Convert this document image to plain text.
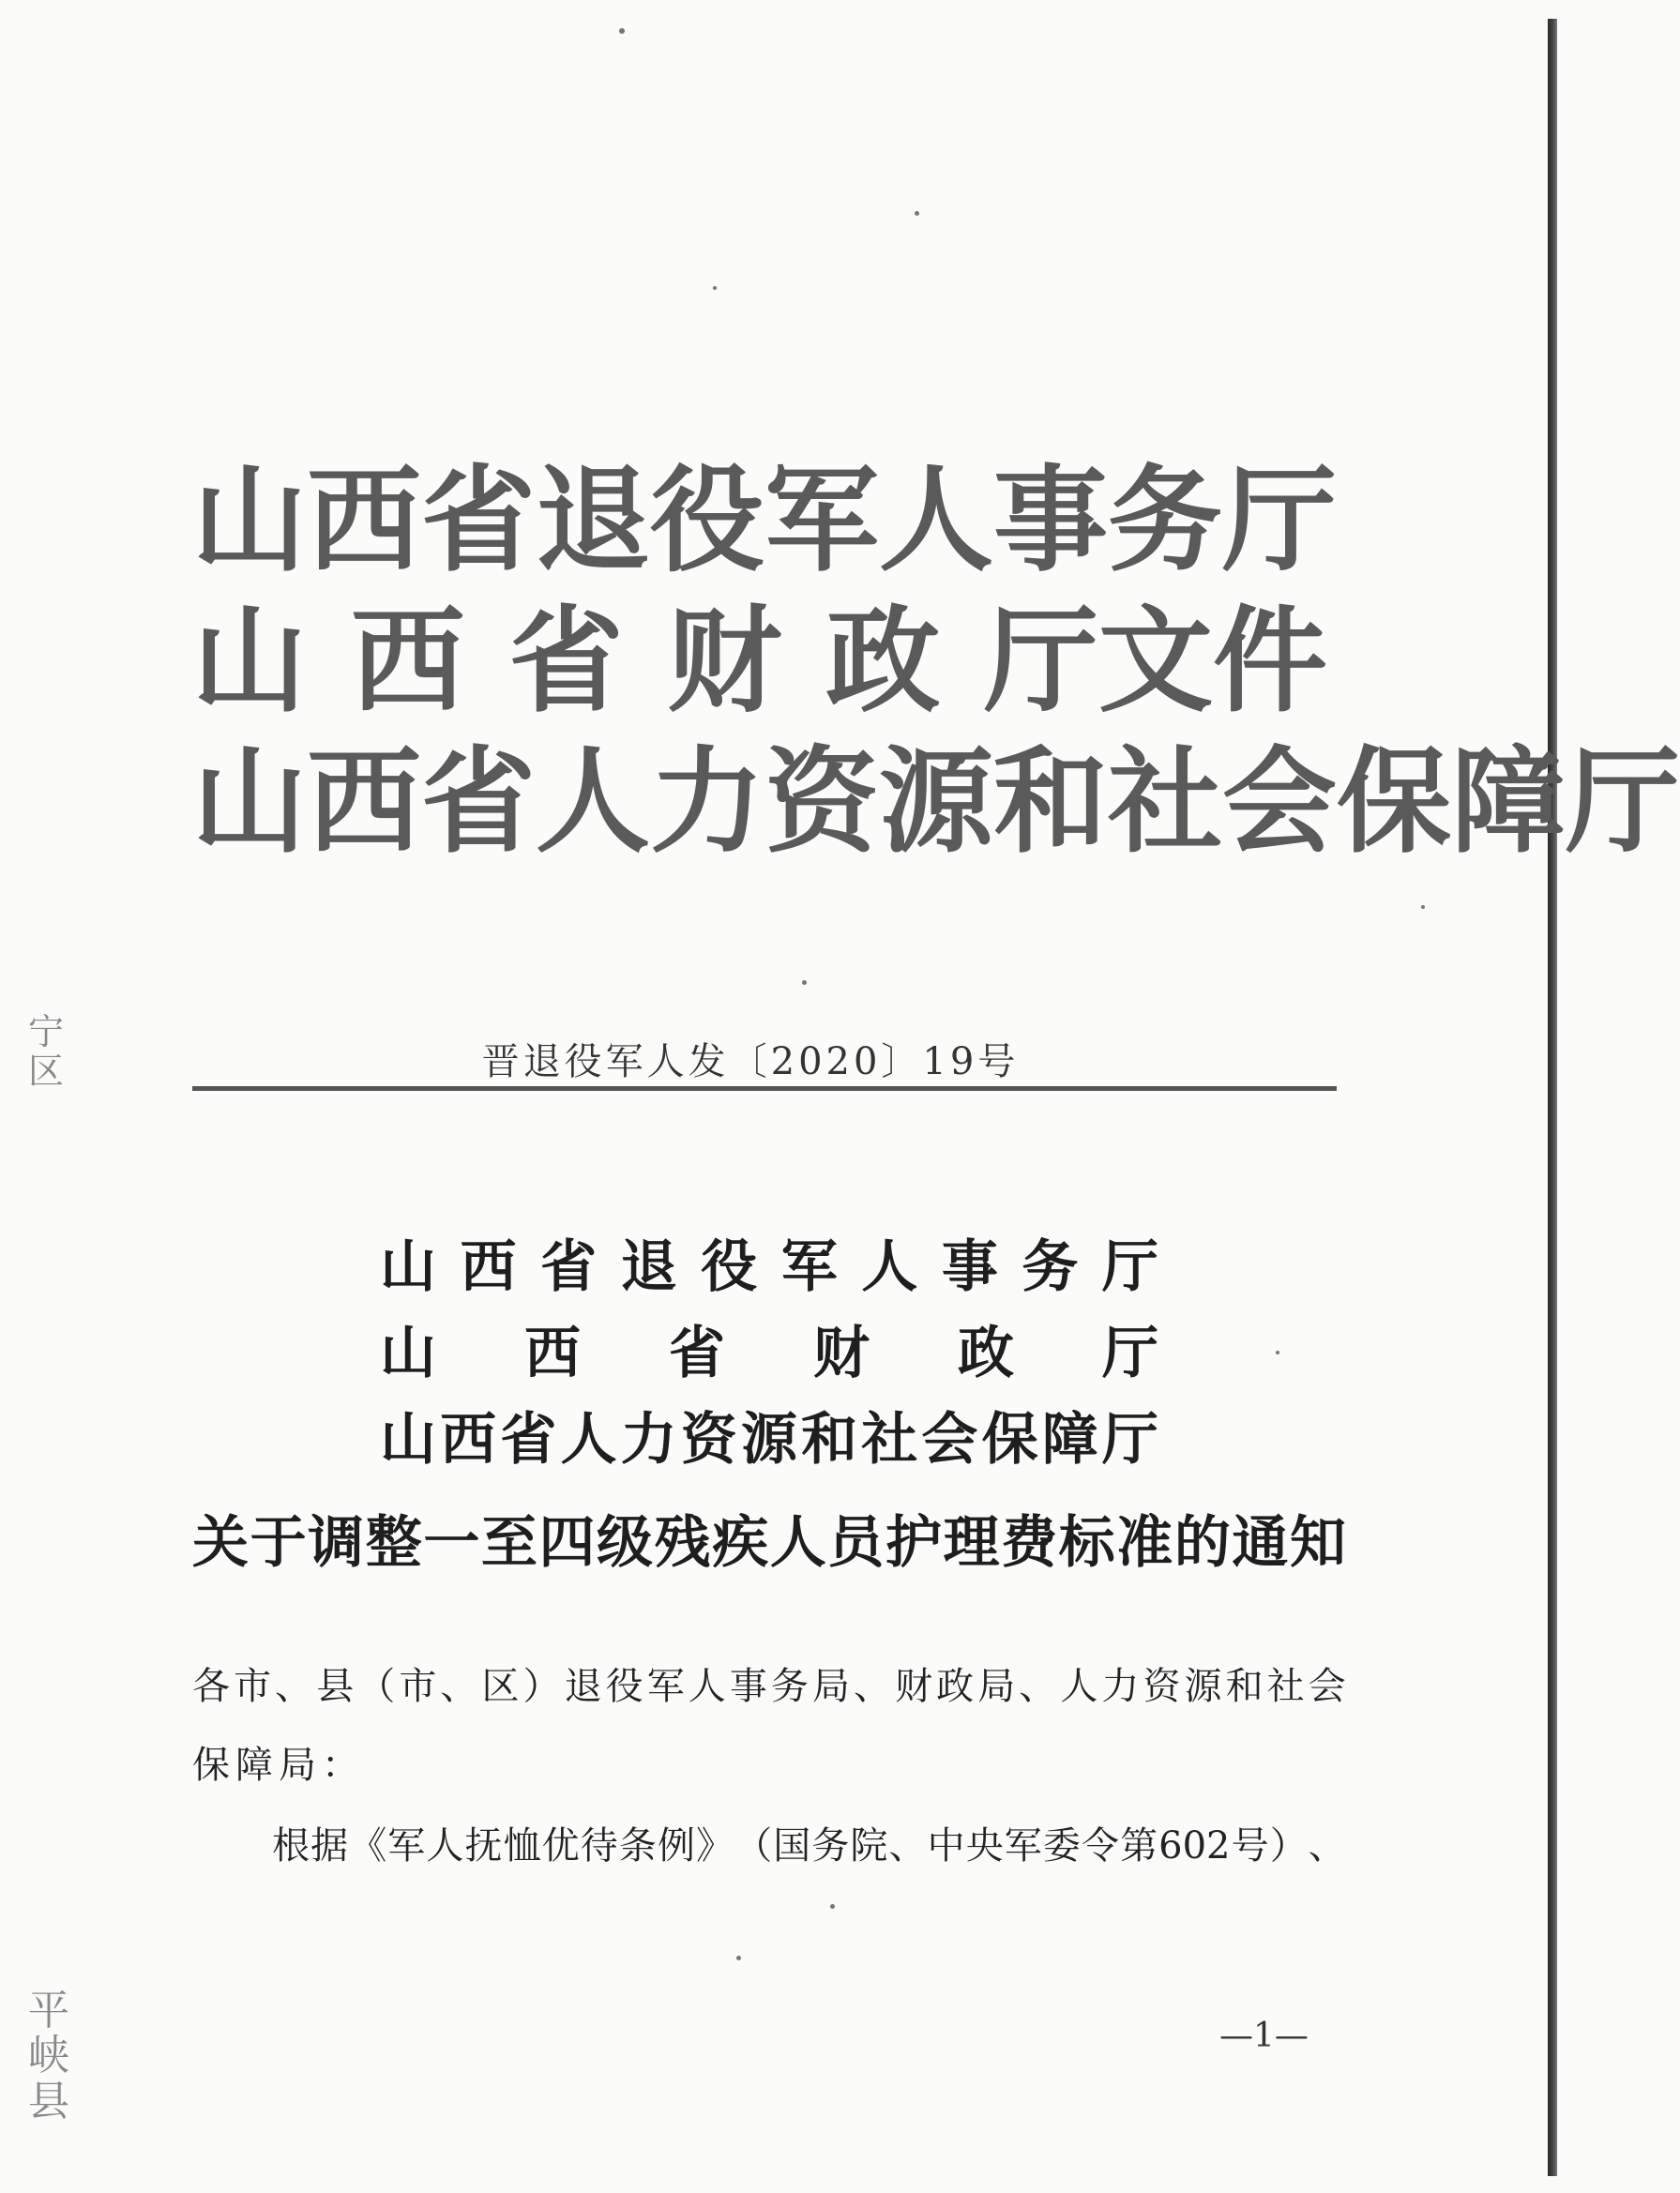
宁 区
平 峡 县
山 西 省 退 役 军 人 事 务 厅
山 西 省 财 政 厅 文 件
山 西 省 人 力 资 源 和 社 会 保 障 厅
晋退役军人发〔2020〕19号
山 西 省 退 役 军 人 事 务 厅
山 西 省 财 政 厅
山 西 省 人 力 资 源 和 社 会 保 障 厅
关 于 调 整 一 至 四 级 残 疾 人 员 护 理 费 标 准 的 通 知
各 市 、 县 （ 市 、 区 ） 退 役 军 人 事 务 局 、 财 政 局 、 人 力 资 源 和 社 会
保障局：
根 据 《 军 人 抚 恤 优 待 条 例 》 （ 国 务 院 、 中 央 军 委 令 第 602 号 ） 、
—1—
